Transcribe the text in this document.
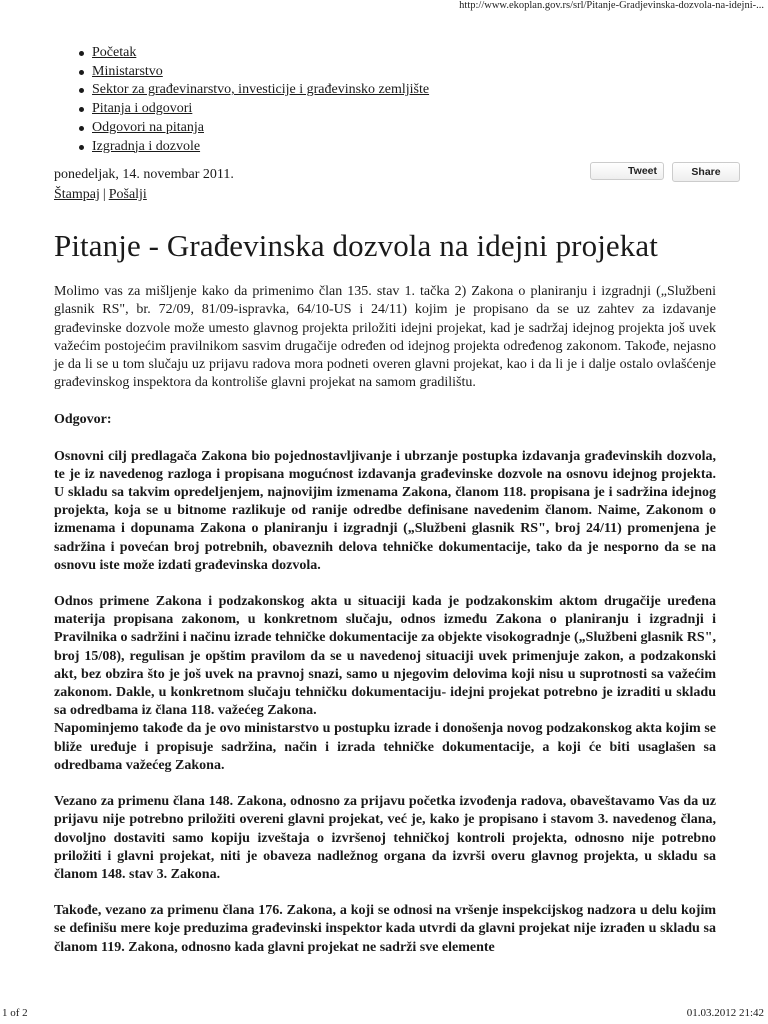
http://www.ekoplan.gov.rs/srl/Pitanje-Gradjevinska-dozvola-na-idejni-...
Početak
Ministarstvo
Sektor za građevinarstvo, investicije i građevinsko zemljište
Pitanja i odgovori
Odgovori na pitanja
Izgradnja i dozvole
ponedeljak, 14. novembar 2011.
Štampaj | Pošalji
Tweet	Share
Pitanje - Građevinska dozvola na idejni projekat

Molimo vas za mišljenje kako da primenimo član 135. stav 1. tačka 2) Zakona o planiranju i izgradnji („Službeni glasnik RS", br. 72/09, 81/09-ispravka, 64/10-US i 24/11) kojim je propisano da se uz zahtev za izdavanje građevinske dozvole može umesto glavnog projekta priložiti idejni projekat, kad je sadržaj idejnog projekta još uvek važećim postojećim pravilnikom sasvim drugačije određen od idejnog projekta određenog zakonom. Takođe, nejasno je da li se u tom slučaju uz prijavu radova mora podneti overen glavni projekat, kao i da li je i dalje ostalo ovlašćenje građevinskog inspektora da kontroliše glavni projekat na samom gradilištu.

Odgovor:

Osnovni cilj predlagača Zakona bio pojednostavljivanje i ubrzanje postupka izdavanja građevinskih dozvola, te je iz navedenog razloga i propisana mogućnost izdavanja građevinske dozvole na osnovu idejnog projekta. U skladu sa takvim opredeljenjem, najnovijim izmenama Zakona, članom 118. propisana je i sadržina idejnog projekta, koja se u bitnome razlikuje od ranije odredbe definisane navedenim članom. Naime, Zakonom o izmenama i dopunama Zakona o planiranju i izgradnji („Službeni glasnik RS", broj 24/11) promenjena je sadržina i povećan broj potrebnih, obaveznih delova tehničke dokumentacije, tako da je nesporno da se na osnovu iste može izdati građevinska dozvola.

Odnos primene Zakona i podzakonskog akta u situaciji kada je podzakonskim aktom drugačije uređena materija propisana zakonom, u konkretnom slučaju, odnos između Zakona o planiranju i izgradnji i Pravilnika o sadržini i načinu izrade tehničke dokumentacije za objekte visokogradnje („Službeni glasnik RS", broj 15/08), regulisan je opštim pravilom da se u navedenoj situaciji uvek primenjuje zakon, a podzakonski akt, bez obzira što je još uvek na pravnoj snazi, samo u njegovim delovima koji nisu u suprotnosti sa važećim zakonom. Dakle, u konkretnom slučaju tehničku dokumentaciju- idejni projekat potrebno je izraditi u skladu sa odredbama iz člana 118. važećeg Zakona.

Napominjemo takođe da je ovo ministarstvo u postupku izrade i donošenja novog podzakonskog akta kojim se bliže uređuje i propisuje sadržina, način i izrada tehničke dokumentacije, a koji će biti usaglašen sa odredbama važećeg Zakona.

Vezano za primenu člana 148. Zakona, odnosno za prijavu početka izvođenja radova, obaveštavamo Vas da uz prijavu nije potrebno priložiti overeni glavni projekat, već je, kako je propisano i stavom 3. navedenog člana, dovoljno dostaviti samo kopiju izveštaja o izvršenoj tehničkoj kontroli projekta, odnosno nije potrebno priložiti i glavni projekat, niti je obaveza nadležnog organa da izvrši overu glavnog projekta, u skladu sa članom 148. stav 3. Zakona.

Takođe, vezano za primenu člana 176. Zakona, a koji se odnosi na vršenje inspekcijskog nadzora u delu kojim se definišu mere koje preduzima građevinski inspektor kada utvrdi da glavni projekat nije izrađen u skladu sa članom 119. Zakona, odnosno kada glavni projekat ne sadrži sve elemente

1 of 2	01.03.2012 21:42
